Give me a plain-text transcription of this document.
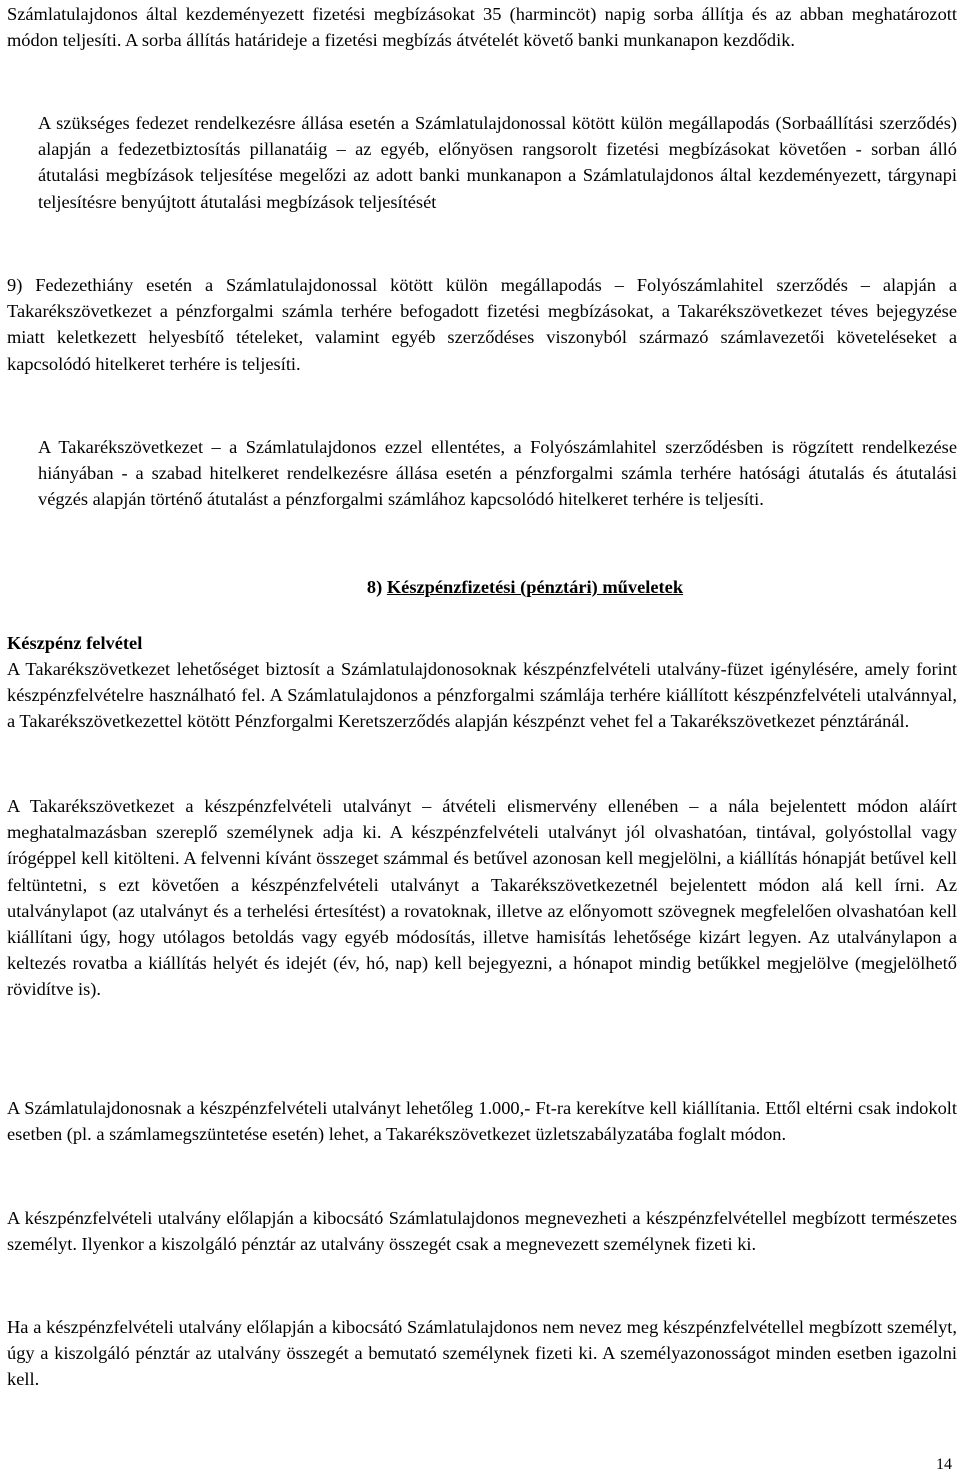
Számlatulajdonos által kezdeményezett fizetési megbízásokat 35 (harmincöt) napig sorba állítja és az abban meghatározott módon teljesíti. A sorba állítás határideje a fizetési megbízás átvételét követő banki munkanapon kezdődik.

A szükséges fedezet rendelkezésre állása esetén a Számlatulajdonossal kötött külön megállapodás (Sorbaállítási szerződés) alapján a fedezetbiztosítás pillanatáig – az egyéb, előnyösen rangsorolt fizetési megbízásokat követően - sorban álló átutalási megbízások teljesítése megelőzi az adott banki munkanapon a Számlatulajdonos által kezdeményezett, tárgynapi teljesítésre benyújtott átutalási megbízások teljesítését

9) Fedezethiány esetén a Számlatulajdonossal kötött külön megállapodás – Folyószámlahitel szerződés – alapján a Takarékszövetkezet a pénzforgalmi számla terhére befogadott fizetési megbízásokat, a Takarékszövetkezet téves bejegyzése miatt keletkezett helyesbítő tételeket, valamint egyéb szerződéses viszonyból származó számlavezetői követeléseket a kapcsolódó hitelkeret terhére is teljesíti.

A Takarékszövetkezet – a Számlatulajdonos ezzel ellentétes, a Folyószámlahitel szerződésben is rögzített rendelkezése hiányában - a szabad hitelkeret rendelkezésre állása esetén a pénzforgalmi számla terhére hatósági átutalás és átutalási végzés alapján történő átutalást a pénzforgalmi számlához kapcsolódó hitelkeret terhére is teljesíti.

8) Készpénzfizetési (pénztári) műveletek

Készpénz felvétel

A Takarékszövetkezet lehetőséget biztosít a Számlatulajdonosoknak készpénzfelvételi utalvány-füzet igénylésére, amely forint készpénzfelvételre használható fel. A Számlatulajdonos a pénzforgalmi számlája terhére kiállított készpénzfelvételi utalvánnyal, a Takarékszövetkezettel kötött Pénzforgalmi Keretszerződés alapján készpénzt vehet fel a Takarékszövetkezet pénztáránál.

A Takarékszövetkezet a készpénzfelvételi utalványt – átvételi elismervény ellenében – a nála bejelentett módon aláírt meghatalmazásban szereplő személynek adja ki. A készpénzfelvételi utalványt jól olvashatóan, tintával, golyóstollal vagy írógéppel kell kitölteni. A felvenni kívánt összeget számmal és betűvel azonosan kell megjelölni, a kiállítás hónapját betűvel kell feltüntetni, s ezt követően a készpénzfelvételi utalványt a Takarékszövetkezetnél bejelentett módon alá kell írni. Az utalványlapot (az utalványt és a terhelési értesítést) a rovatoknak, illetve az előnyomott szövegnek megfelelően olvashatóan kell kiállítani úgy, hogy utólagos betoldás vagy egyéb módosítás, illetve hamisítás lehetősége kizárt legyen. Az utalványlapon a keltezés rovatba a kiállítás helyét és idejét (év, hó, nap) kell bejegyezni, a hónapot mindig betűkkel megjelölve (megjelölhető rövidítve is).

A Számlatulajdonosnak a készpénzfelvételi utalványt lehetőleg 1.000,- Ft-ra kerekítve kell kiállítania. Ettől eltérni csak indokolt esetben (pl. a számlamegszüntetése esetén) lehet, a Takarékszövetkezet üzletszabályzatába foglalt módon.

A készpénzfelvételi utalvány előlapján a kibocsátó Számlatulajdonos megnevezheti a készpénzfelvétellel megbízott természetes személyt. Ilyenkor a kiszolgáló pénztár az utalvány összegét csak a megnevezett személynek fizeti ki.

Ha a készpénzfelvételi utalvány előlapján a kibocsátó Számlatulajdonos nem nevez meg készpénzfelvétellel megbízott személyt, úgy a kiszolgáló pénztár az utalvány összegét a bemutató személynek fizeti ki. A személyazonosságot minden esetben igazolni kell.

14
